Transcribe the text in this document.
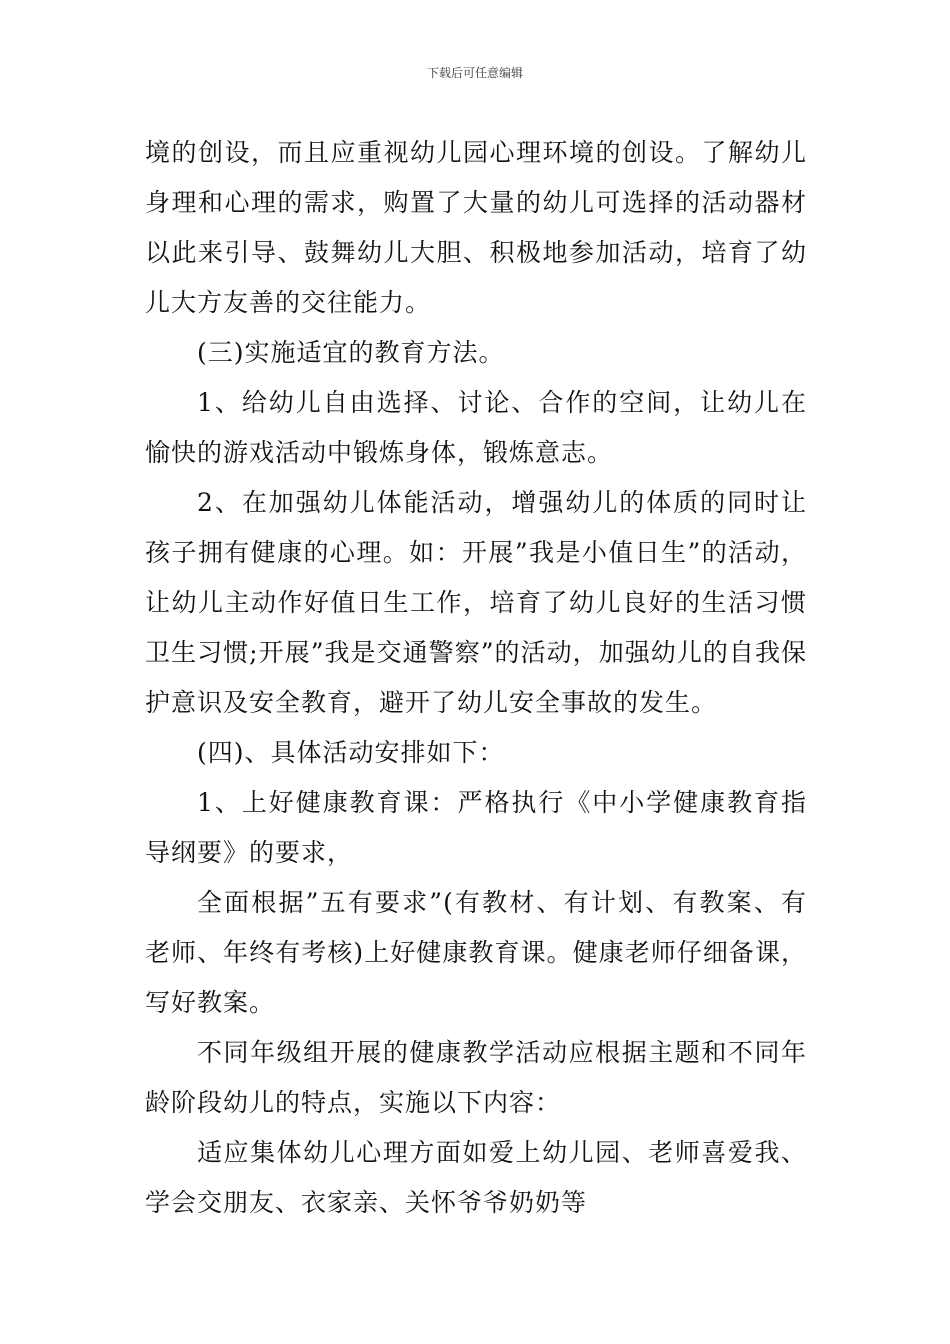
下载后可任意编辑

境的创设，而且应重视幼儿园心理环境的创设。了解幼儿身理和心理的需求，购置了大量的幼儿可选择的活动器材以此来引导、鼓舞幼儿大胆、积极地参加活动，培育了幼儿大方友善的交往能力。

(三)实施适宜的教育方法。

1、给幼儿自由选择、讨论、合作的空间，让幼儿在愉快的游戏活动中锻炼身体，锻炼意志。

2、在加强幼儿体能活动，增强幼儿的体质的同时让孩子拥有健康的心理。如：开展”我是小值日生”的活动，让幼儿主动作好值日生工作，培育了幼儿良好的生活习惯卫生习惯;开展”我是交通警察”的活动，加强幼儿的自我保护意识及安全教育，避开了幼儿安全事故的发生。

(四)、具体活动安排如下：

1、上好健康教育课：严格执行《中小学健康教育指导纲要》的要求，

全面根据”五有要求”(有教材、有计划、有教案、有老师、年终有考核)上好健康教育课。健康老师仔细备课，写好教案。

不同年级组开展的健康教学活动应根据主题和不同年龄阶段幼儿的特点，实施以下内容：

适应集体幼儿心理方面如爱上幼儿园、老师喜爱我、学会交朋友、衣家亲、关怀爷爷奶奶等
